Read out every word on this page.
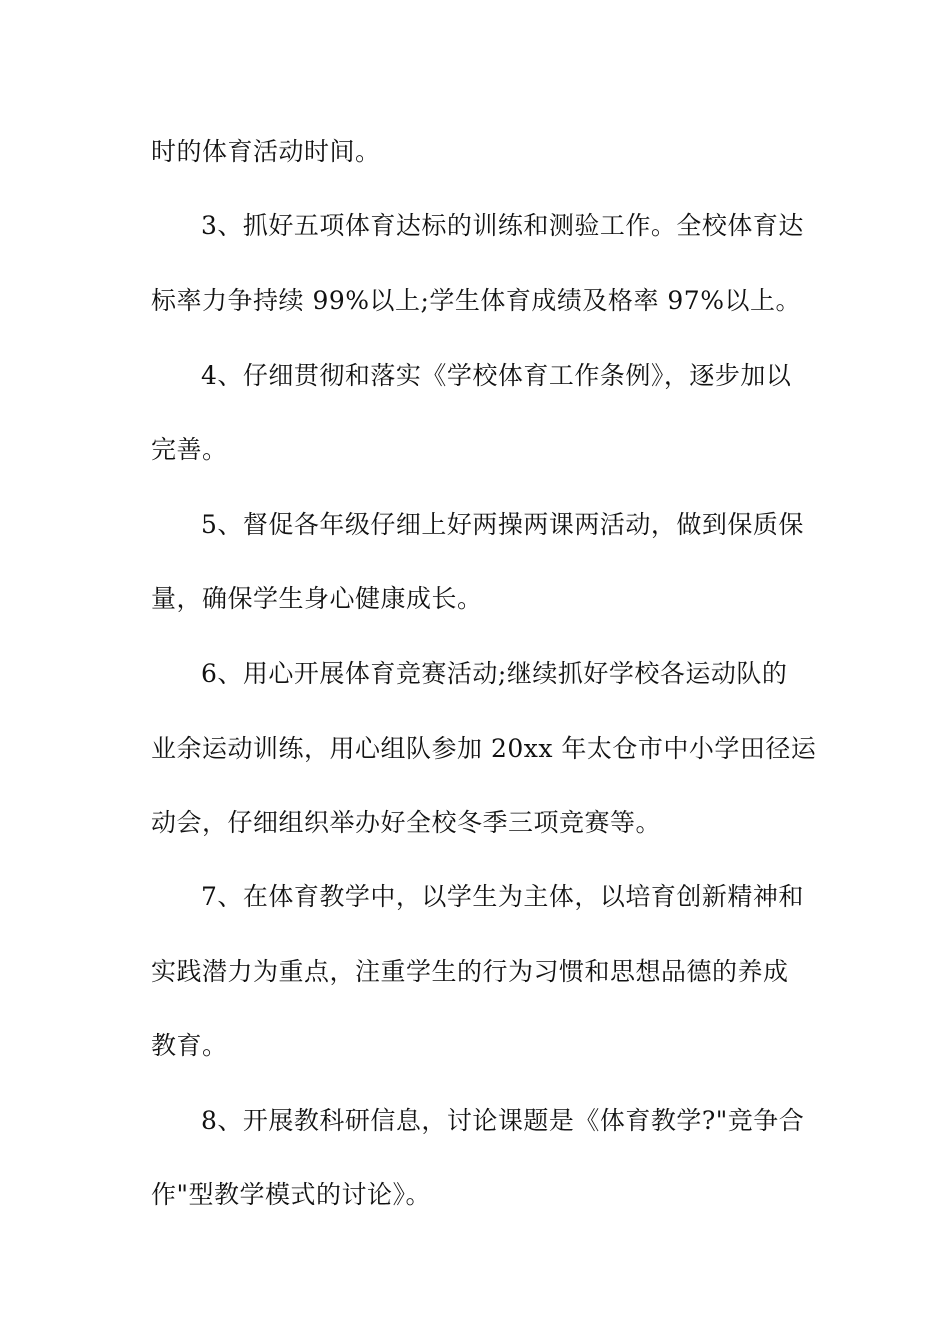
时的体育活动时间。
3、抓好五项体育达标的训练和测验工作。全校体育达
标率力争持续 99%以上;学生体育成绩及格率 97%以上。
4、仔细贯彻和落实《学校体育工作条例》，逐步加以
完善。
5、督促各年级仔细上好两操两课两活动，做到保质保
量，确保学生身心健康成长。
6、用心开展体育竞赛活动;继续抓好学校各运动队的
业余运动训练，用心组队参加 20xx 年太仓市中小学田径运
动会，仔细组织举办好全校冬季三项竞赛等。
7、在体育教学中，以学生为主体，以培育创新精神和
实践潜力为重点，注重学生的行为习惯和思想品德的养成
教育。
8、开展教科研信息，讨论课题是《体育教学?"竞争合
作"型教学模式的讨论》。
